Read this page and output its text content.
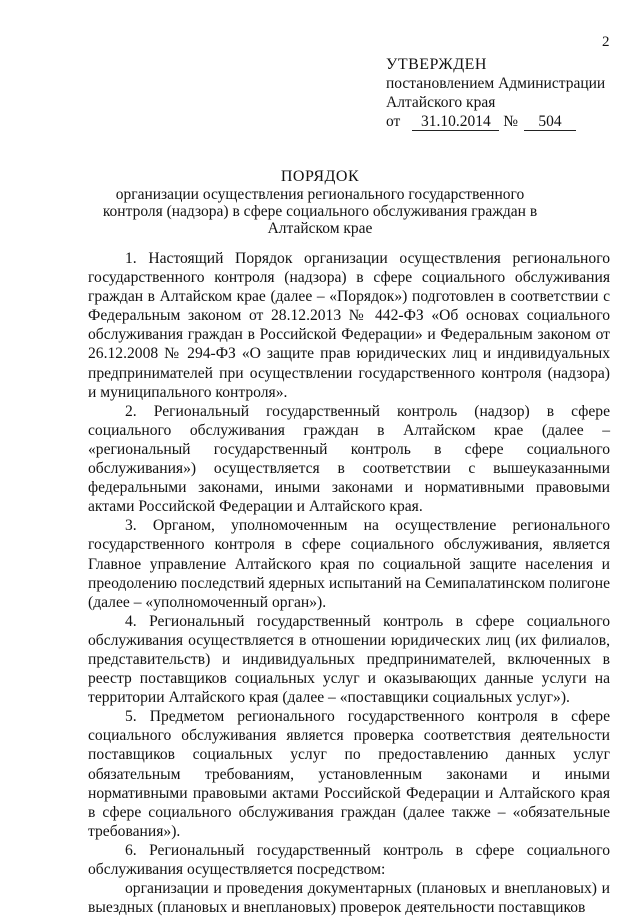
2
УТВЕРЖДЕН
постановлением Администрации
Алтайского края
от 31.10.2014 № 504
ПОРЯДОК
организации осуществления регионального государственного контроля (надзора) в сфере социального обслуживания граждан в Алтайском крае

1. Настоящий Порядок организации осуществления регионального государственного контроля (надзора) в сфере социального обслуживания граждан в Алтайском крае (далее – «Порядок») подготовлен в соответствии с Федеральным законом от 28.12.2013 № 442-ФЗ «Об основах социального обслуживания граждан в Российской Федерации» и Федеральным законом от 26.12.2008 № 294-ФЗ «О защите прав юридических лиц и индивидуальных предпринимателей при осуществлении государственного контроля (надзора) и муниципального контроля».

2. Региональный государственный контроль (надзор) в сфере социального обслуживания граждан в Алтайском крае (далее – «региональный государственный контроль в сфере социального обслуживания») осуществляется в соответствии с вышеуказанными федеральными законами, иными законами и нормативными правовыми актами Российской Федерации и Алтайского края.

3. Органом, уполномоченным на осуществление регионального государственного контроля в сфере социального обслуживания, является Главное управление Алтайского края по социальной защите населения и преодолению последствий ядерных испытаний на Семипалатинском полигоне (далее – «уполномоченный орган»).

4. Региональный государственный контроль в сфере социального обслуживания осуществляется в отношении юридических лиц (их филиалов, представительств) и индивидуальных предпринимателей, включенных в реестр поставщиков социальных услуг и оказывающих данные услуги на территории Алтайского края (далее – «поставщики социальных услуг»).

5. Предметом регионального государственного контроля в сфере социального обслуживания является проверка соответствия деятельности поставщиков социальных услуг по предоставлению данных услуг обязательным требованиям, установленным законами и иными нормативными правовыми актами Российской Федерации и Алтайского края в сфере социального обслуживания граждан (далее также – «обязательные требования»).

6. Региональный государственный контроль в сфере социального обслуживания осуществляется посредством:

организации и проведения документарных (плановых и внеплановых) и выездных (плановых и внеплановых) проверок деятельности поставщиков
